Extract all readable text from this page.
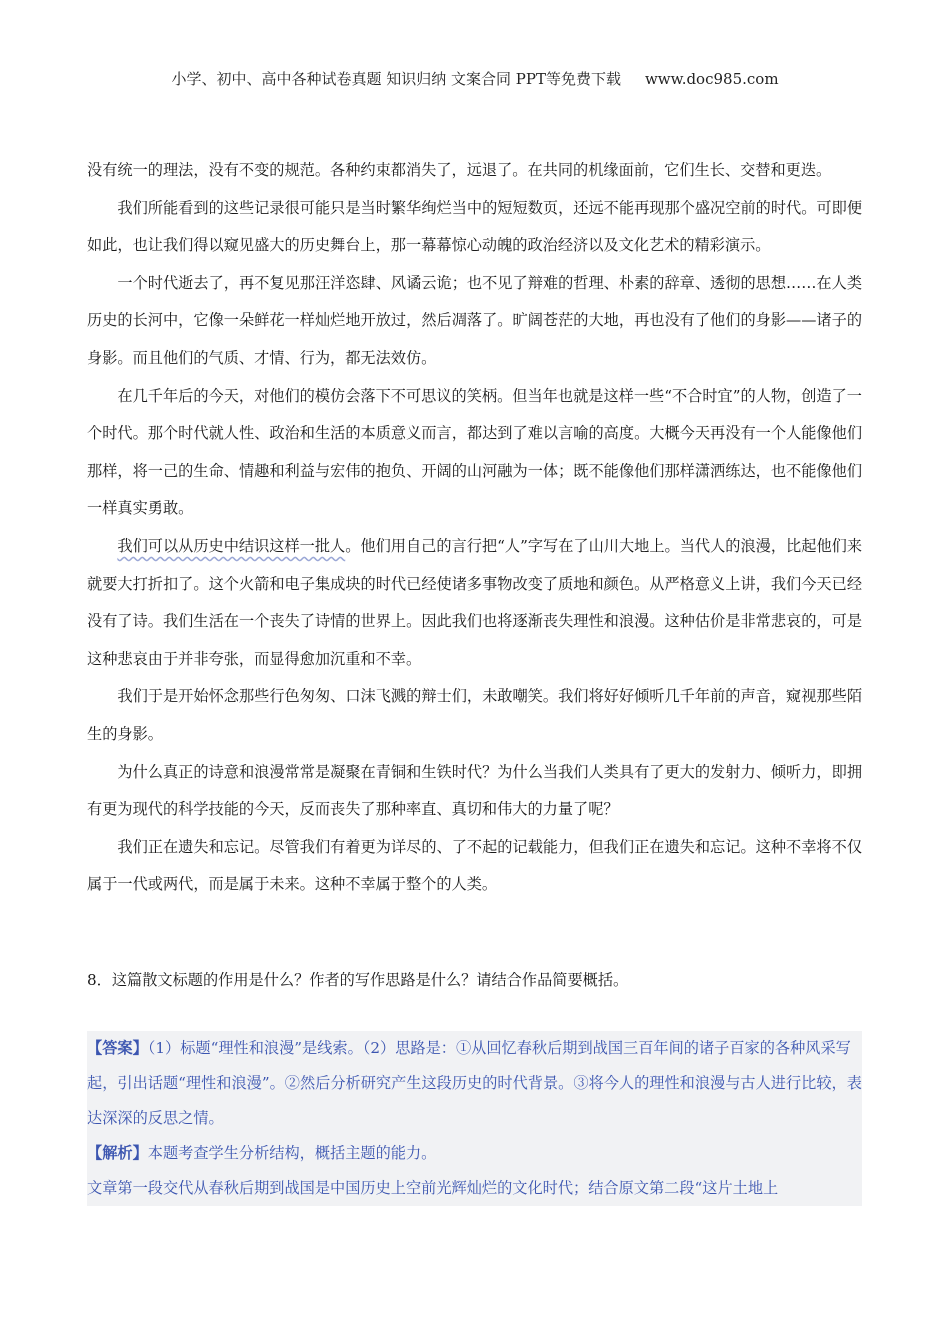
小学、初中、高中各种试卷真题 知识归纳 文案合同 PPT等免费下载 www.doc985.com

没有统一的理法，没有不变的规范。各种约束都消失了，远退了。在共同的机缘面前，它们生长、交替和更迭。

我们所能看到的这些记录很可能只是当时繁华绚烂当中的短短数页，还远不能再现那个盛况空前的时代。可即便如此，也让我们得以窥见盛大的历史舞台上，那一幕幕惊心动魄的政治经济以及文化艺术的精彩演示。

一个时代逝去了，再不复见那汪洋恣肆、风谲云诡；也不见了辩难的哲理、朴素的辞章、透彻的思想……在人类历史的长河中，它像一朵鲜花一样灿烂地开放过，然后凋落了。旷阔苍茫的大地，再也没有了他们的身影——诸子的身影。而且他们的气质、才情、行为，都无法效仿。

在几千年后的今天，对他们的模仿会落下不可思议的笑柄。但当年也就是这样一些“不合时宜”的人物，创造了一个时代。那个时代就人性、政治和生活的本质意义而言，都达到了难以言喻的高度。大概今天再没有一个人能像他们那样，将一己的生命、情趣和利益与宏伟的抱负、开阔的山河融为一体；既不能像他们那样潇洒练达，也不能像他们一样真实勇敢。

我们可以从历史中结识这样一批人。他们用自己的言行把“人”字写在了山川大地上。当代人的浪漫，比起他们来就要大打折扣了。这个火箭和电子集成块的时代已经使诸多事物改变了质地和颜色。从严格意义上讲，我们今天已经没有了诗。我们生活在一个丧失了诗情的世界上。因此我们也将逐渐丧失理性和浪漫。这种估价是非常悲哀的，可是这种悲哀由于并非夸张，而显得愈加沉重和不幸。

我们于是开始怀念那些行色匆匆、口沫飞溅的辩士们，未敢嘲笑。我们将好好倾听几千年前的声音，窥视那些陌生的身影。

为什么真正的诗意和浪漫常常是凝聚在青铜和生铁时代？为什么当我们人类具有了更大的发射力、倾听力，即拥有更为现代的科学技能的今天，反而丧失了那种率直、真切和伟大的力量了呢？

我们正在遗失和忘记。尽管我们有着更为详尽的、了不起的记载能力，但我们正在遗失和忘记。这种不幸将不仅属于一代或两代，而是属于未来。这种不幸属于整个的人类。

8．这篇散文标题的作用是什么？作者的写作思路是什么？请结合作品简要概括。

【答案】（1）标题“理性和浪漫”是线索。（2）思路是：①从回忆春秋后期到战国三百年间的诸子百家的各种风采写起，引出话题“理性和浪漫”。②然后分析研究产生这段历史的时代背景。③将今人的理性和浪漫与古人进行比较，表达深深的反思之情。

【解析】本题考查学生分析结构，概括主题的能力。

文章第一段交代从春秋后期到战国是中国历史上空前光辉灿烂的文化时代；结合原文第二段“这片土地上
